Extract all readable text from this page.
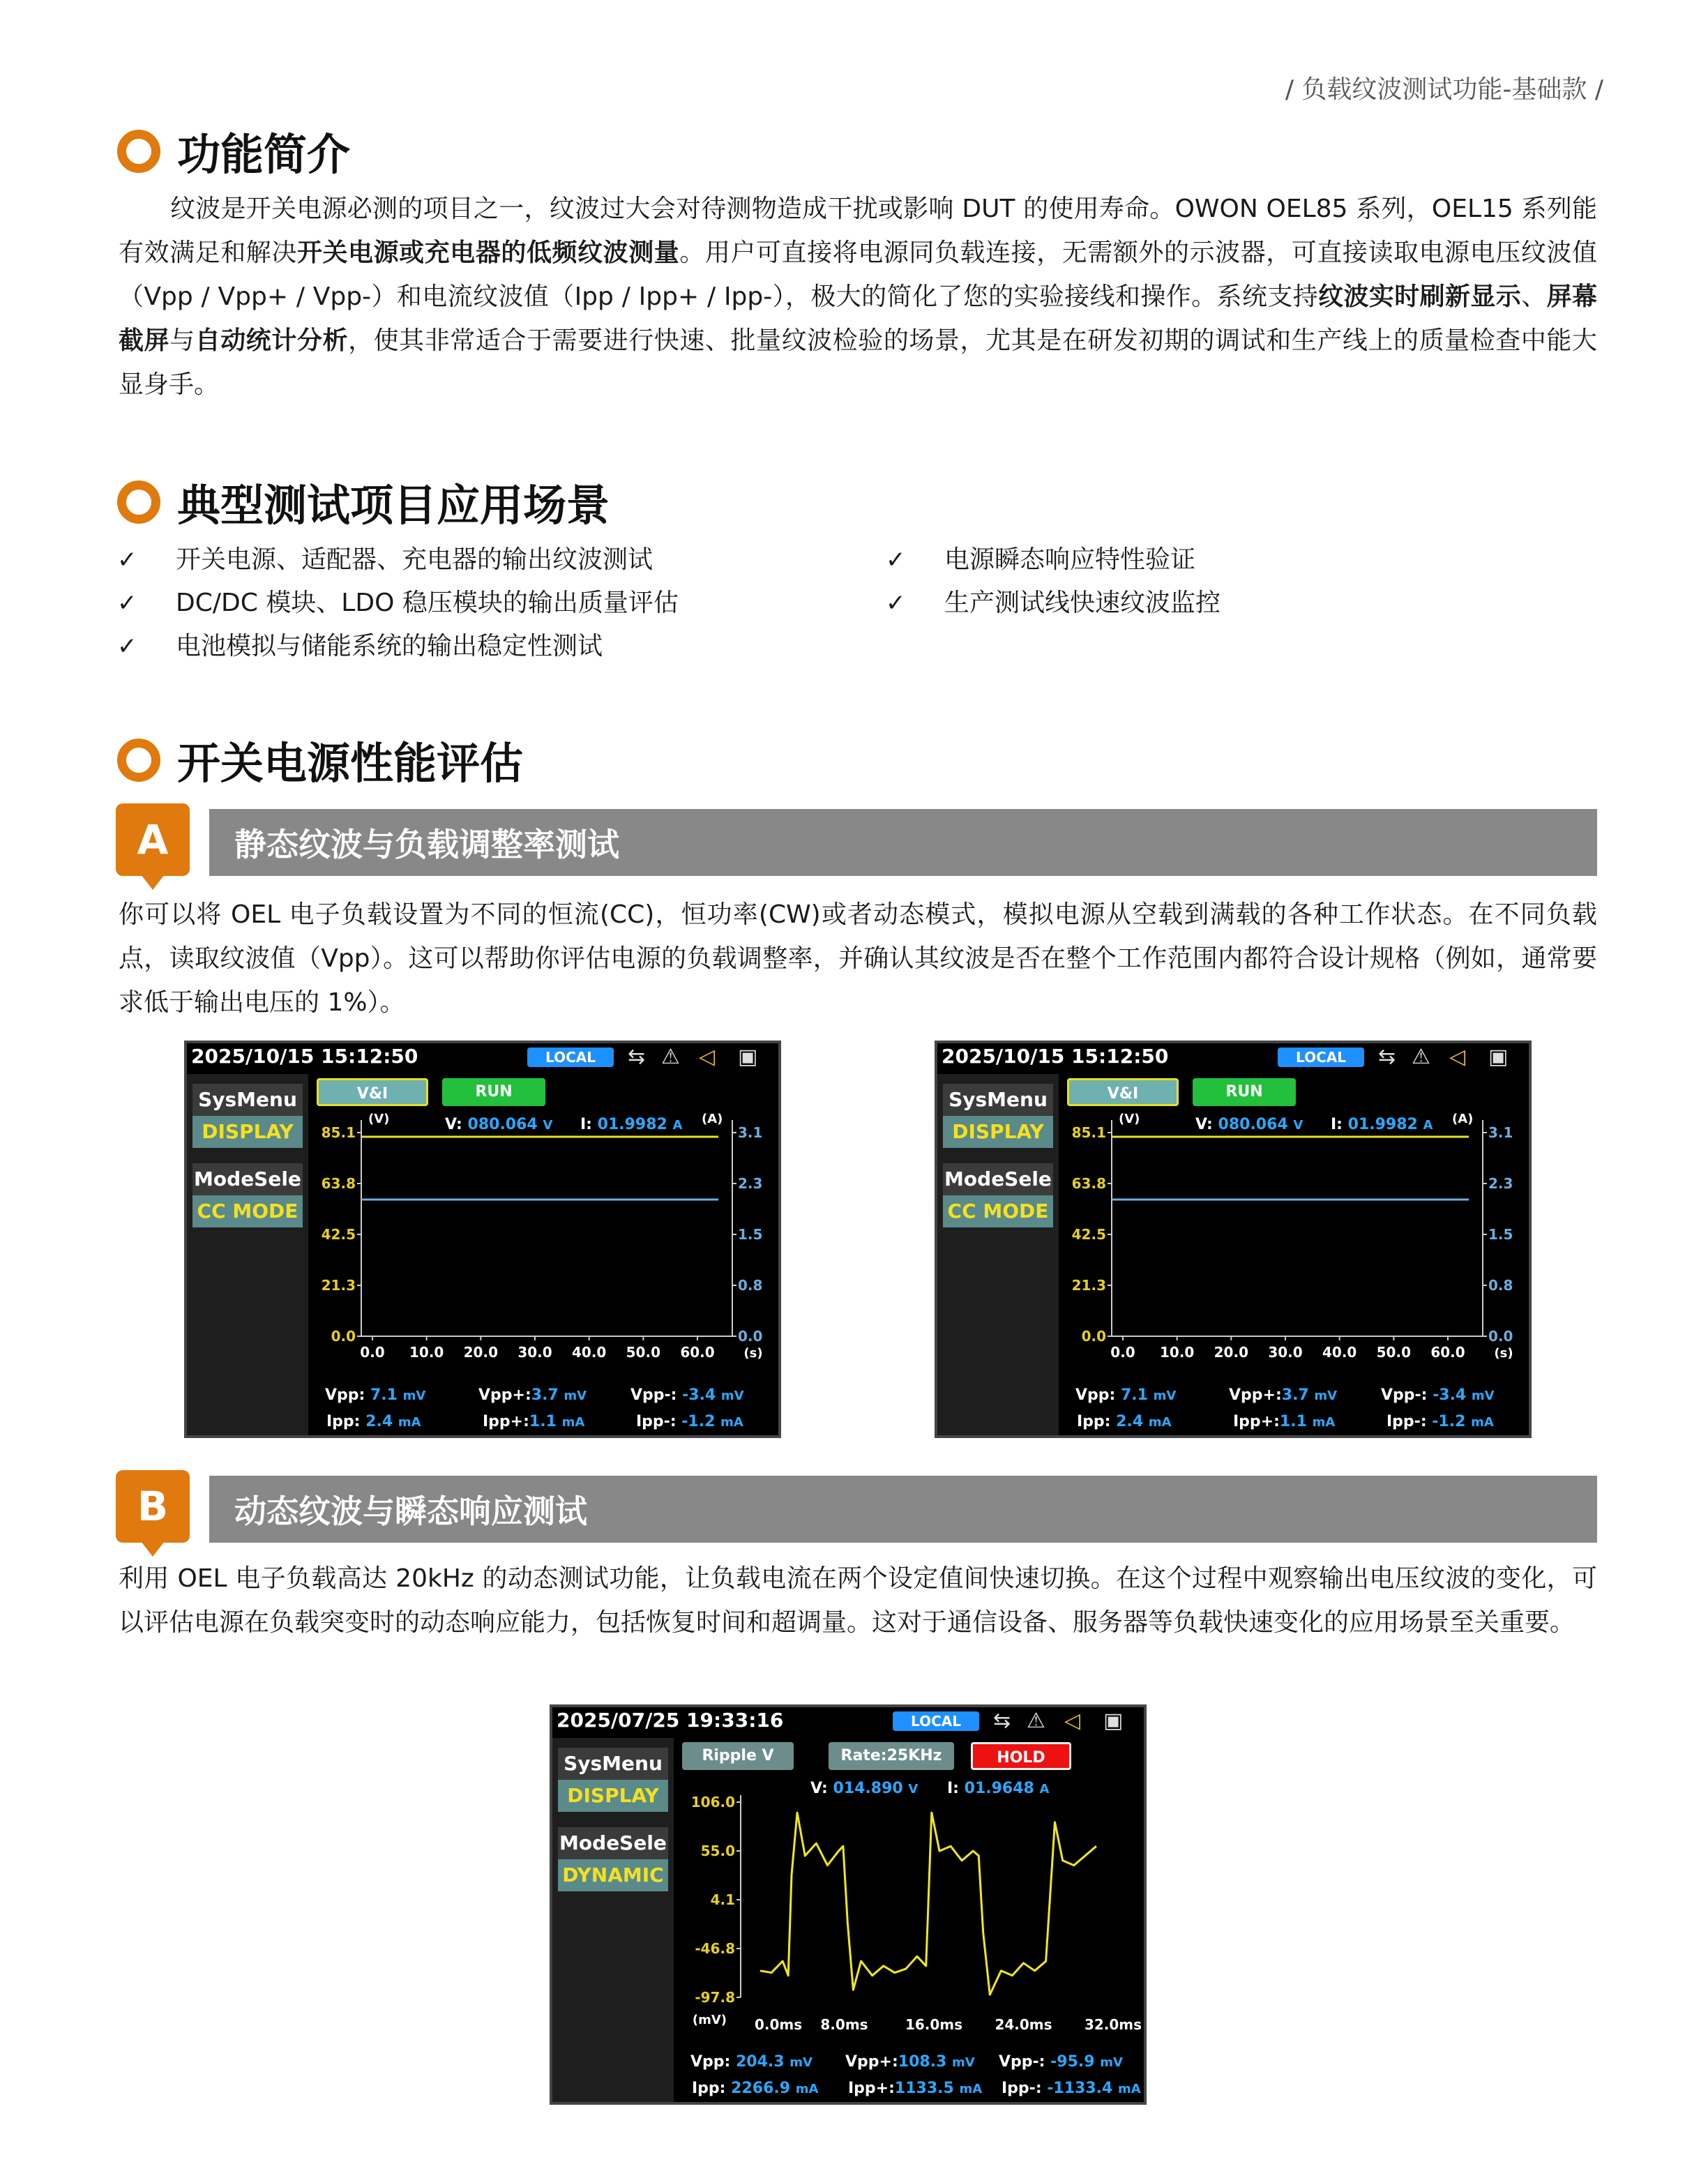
/ 负载纹波测试功能-基础款 /
功能简介

纹波是开关电源必测的项目之一，纹波过大会对待测物造成干扰或影响 DUT 的使用寿命。OWON OEL85 系列，OEL15 系列能有效满足和解决开关电源或充电器的低频纹波测量。用户可直接将电源同负载连接，无需额外的示波器，可直接读取电源电压纹波值（Vpp / Vpp+ / Vpp-）和电流纹波值（Ipp / Ipp+ / Ipp-），极大的简化了您的实验接线和操作。系统支持纹波实时刷新显示、屏幕截屏与自动统计分析，使其非常适合于需要进行快速、批量纹波检验的场景，尤其是在研发初期的调试和生产线上的质量检查中能大显身手。

典型测试项目应用场景
✓	开关电源、适配器、充电器的输出纹波测试
✓	DC/DC 模块、LDO 稳压模块的输出质量评估
✓	电池模拟与储能系统的输出稳定性测试
✓	电源瞬态响应特性验证
✓	生产测试线快速纹波监控
开关电源性能评估
A	静态纹波与负载调整率测试

你可以将 OEL 电子负载设置为不同的恒流(CC)，恒功率(CW)或者动态模式，模拟电源从空载到满载的各种工作状态。在不同负载点，读取纹波值（Vpp）。这可以帮助你评估电源的负载调整率，并确认其纹波是否在整个工作范围内都符合设计规格（例如，通常要求低于输出电压的 1%）。

2025/10/15 15:12:50	LOCAL	⇆ ⚠ ◁ ▣
SysMenu
DISPLAY
ModeSele
CC MODE
V&I	RUN
(V)	(A)
85.1
63.8
42.5
21.3
0.0
3.1
2.3
1.5
0.8
0.0
0.0 10.0 20.0 30.0 40.0 50.0 60.0 (s)
V: 080.064 V I: 01.9982 A
Vpp: 7.1 mV	Vpp+:3.7 mV	Vpp-: -3.4 mV
Ipp: 2.4 mA	Ipp+:1.1 mA	Ipp-: -1.2 mA
2025/10/15 15:12:50	LOCAL	⇆ ⚠ ◁ ▣
SysMenu
DISPLAY
ModeSele
CC MODE
V&I	RUN
(V)	(A)
85.1
63.8
42.5
21.3
0.0
3.1
2.3
1.5
0.8
0.0
0.0 10.0 20.0 30.0 40.0 50.0 60.0 (s)
V: 080.064 V I: 01.9982 A
Vpp: 7.1 mV	Vpp+:3.7 mV	Vpp-: -3.4 mV
Ipp: 2.4 mA	Ipp+:1.1 mA	Ipp-: -1.2 mA
B	动态纹波与瞬态响应测试

利用 OEL 电子负载高达 20kHz 的动态测试功能，让负载电流在两个设定值间快速切换。在这个过程中观察输出电压纹波的变化，可以评估电源在负载突变时的动态响应能力，包括恢复时间和超调量。这对于通信设备、服务器等负载快速变化的应用场景至关重要。

2025/07/25 19:33:16	LOCAL	⇆ ⚠ ◁ ▣
SysMenu
DISPLAY
ModeSele
DYNAMIC
Ripple V	Rate:25KHz	HOLD
V: 014.890 V I: 01.9648 A
106.0
55.0
4.1
-46.8
-97.8
(mV) 0.0ms 8.0ms	16.0ms 24.0ms 32.0ms
Vpp: 204.3 mV Vpp+:108.3 mV Vpp-: -95.9 mV
Ipp: 2266.9 mA Ipp+:1133.5 mA Ipp-: -1133.4 mA
